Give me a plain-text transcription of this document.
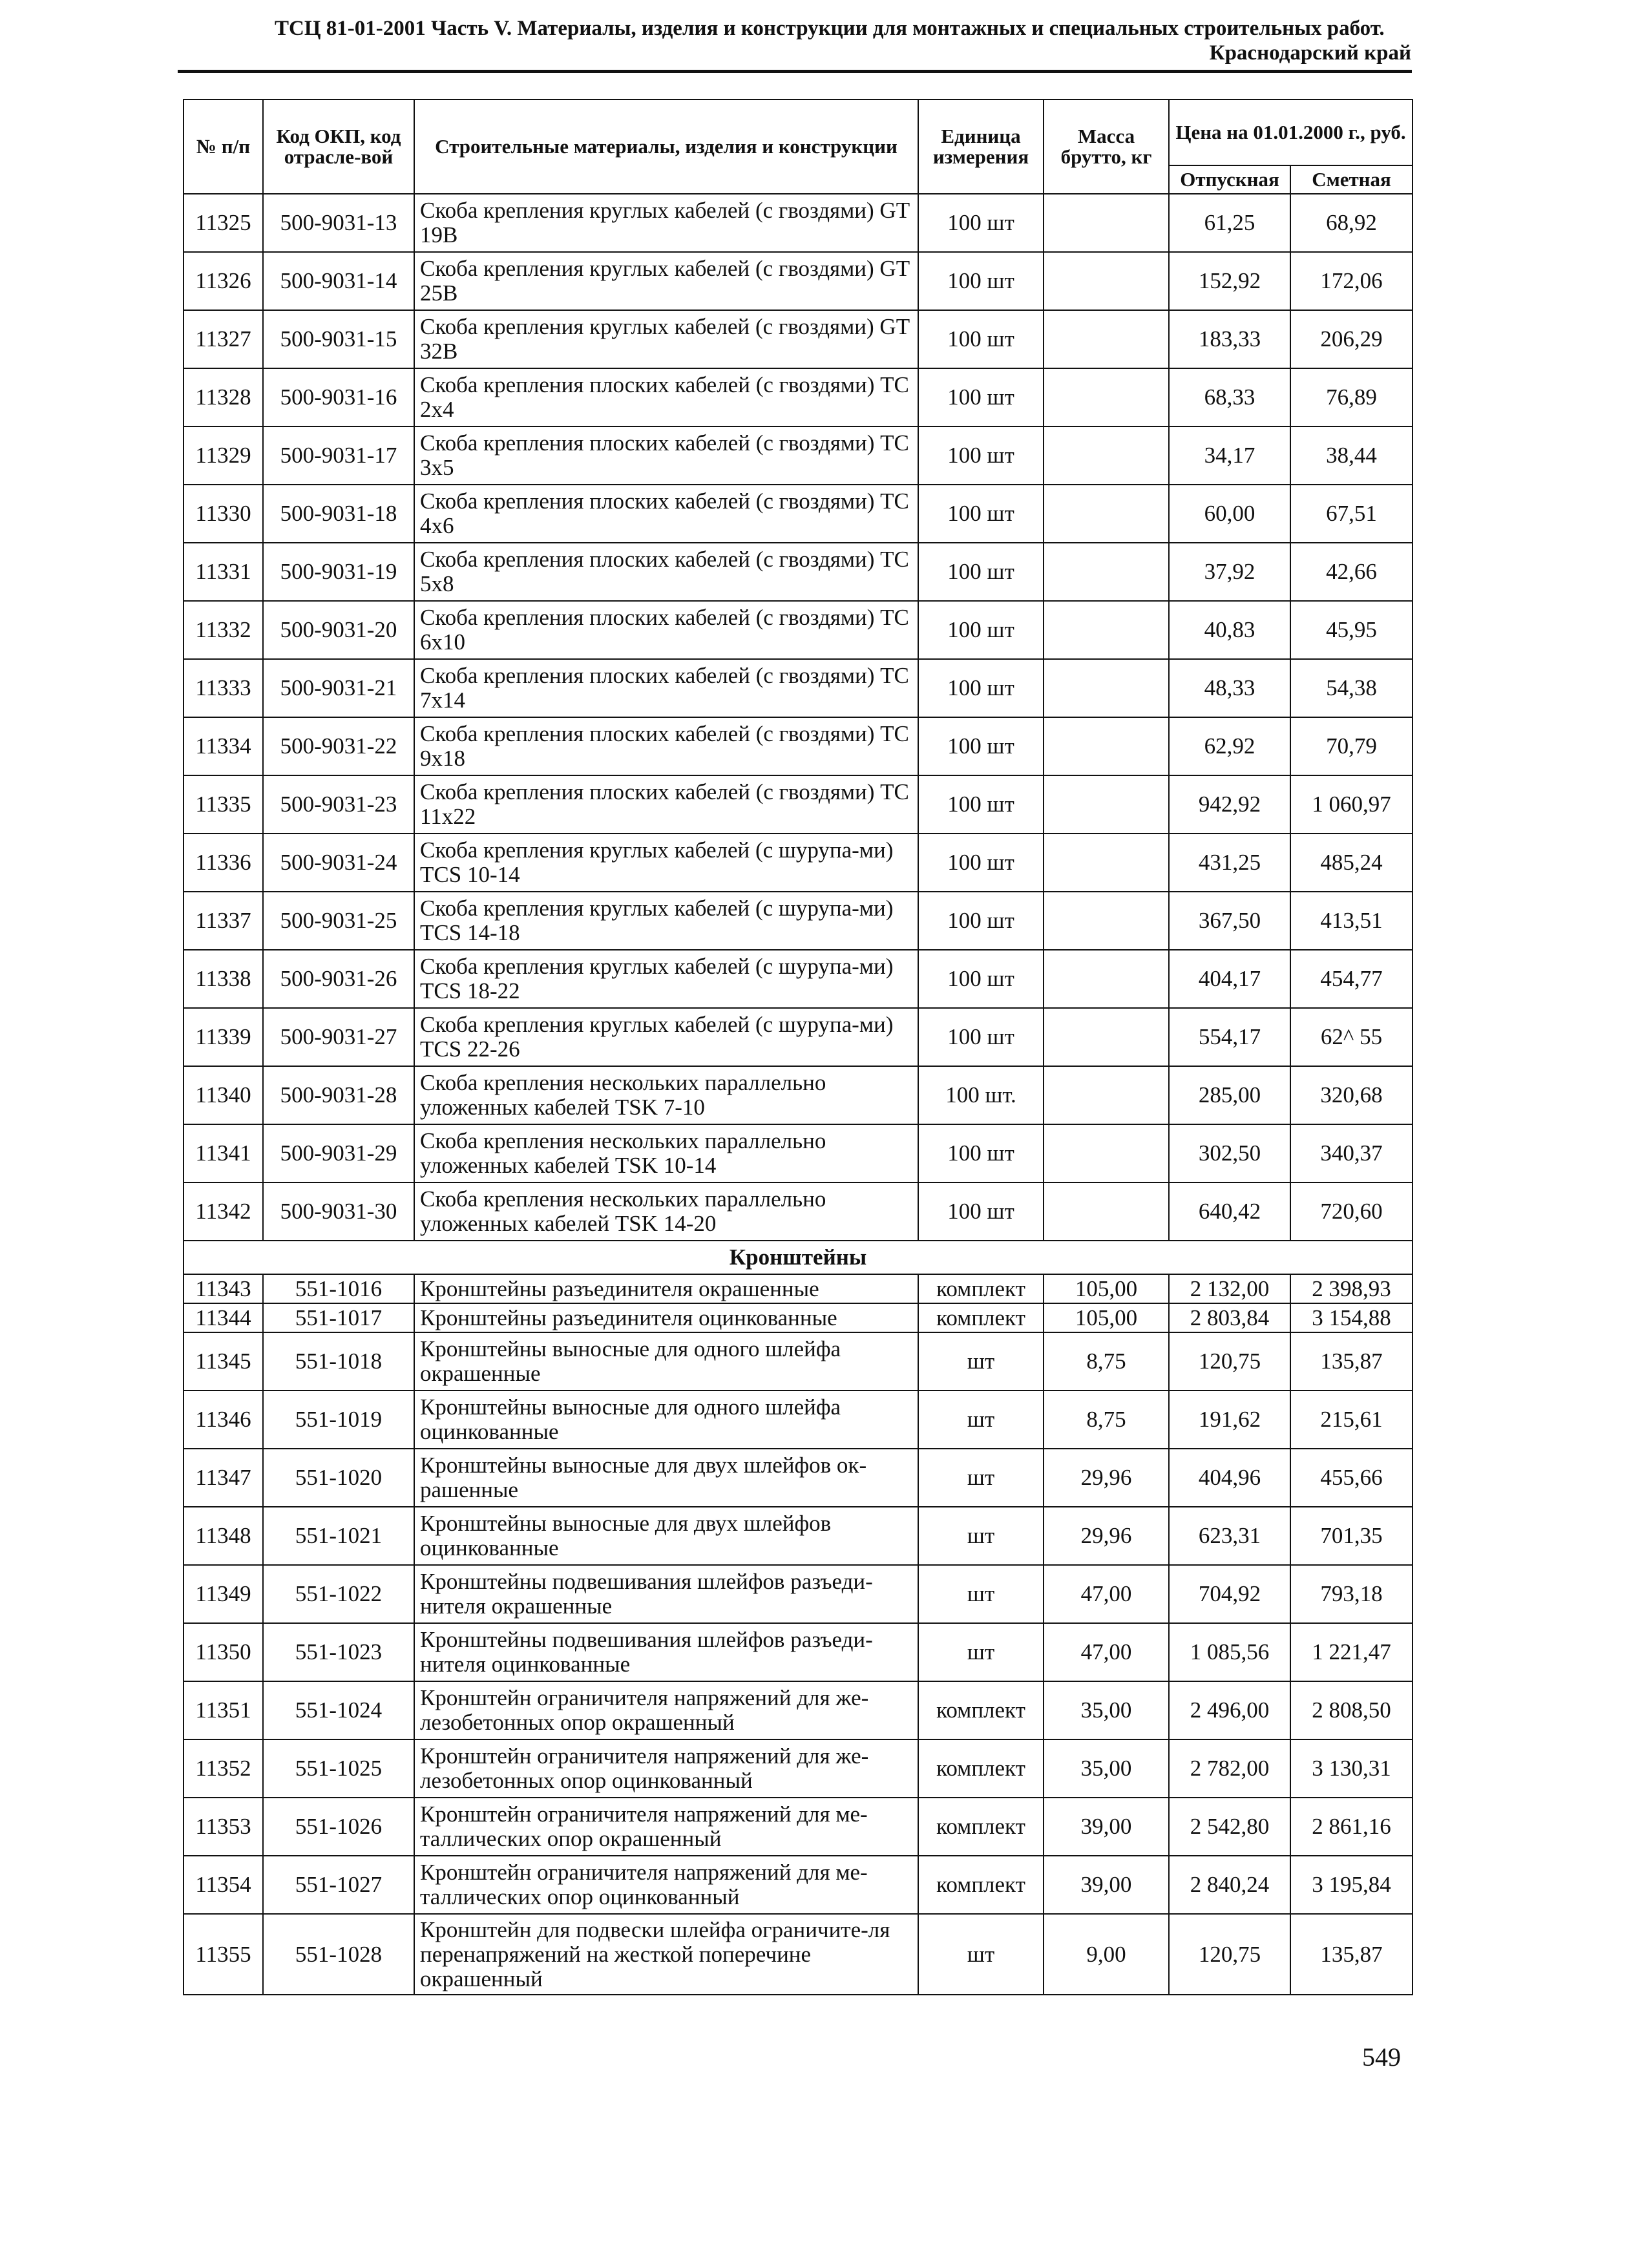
ТСЦ 81-01-2001 Часть V. Материалы, изделия и конструкции для монтажных и специальных строительных работ.
Краснодарский край
№ п/п	Код ОКП, код отрасле-вой	Строительные материалы, изделия и конструкции	Единица измерения	Масса брутто, кг	Цена на 01.01.2000 г., руб.	
					Отпускная	Сметная
11325	500-9031-13	Скоба крепления круглых кабелей (с гвоздями) GT 19B	100 шт		61,25	68,92
11326	500-9031-14	Скоба крепления круглых кабелей (с гвоздями) GT 25B	100 шт		152,92	172,06
11327	500-9031-15	Скоба крепления круглых кабелей (с гвоздями) GT 32B	100 шт		183,33	206,29
11328	500-9031-16	Скоба крепления плоских кабелей (с гвоздями) TC 2x4	100 шт		68,33	76,89
11329	500-9031-17	Скоба крепления плоских кабелей (с гвоздями) TC 3x5	100 шт		34,17	38,44
11330	500-9031-18	Скоба крепления плоских кабелей (с гвоздями) TC 4x6	100 шт		60,00	67,51
11331	500-9031-19	Скоба крепления плоских кабелей (с гвоздями) TC 5x8	100 шт		37,92	42,66
11332	500-9031-20	Скоба крепления плоских кабелей (с гвоздями) TC 6x10	100 шт		40,83	45,95
11333	500-9031-21	Скоба крепления плоских кабелей (с гвоздями) TC 7x14	100 шт		48,33	54,38
11334	500-9031-22	Скоба крепления плоских кабелей (с гвоздями) TC 9x18	100 шт		62,92	70,79
11335	500-9031-23	Скоба крепления плоских кабелей (с гвоздями) TC 11x22	100 шт		942,92	1 060,97
11336	500-9031-24	Скоба крепления круглых кабелей (с шурупа-ми) TCS 10-14	100 шт		431,25	485,24
11337	500-9031-25	Скоба крепления круглых кабелей (с шурупа-ми) TCS 14-18	100 шт		367,50	413,51
11338	500-9031-26	Скоба крепления круглых кабелей (с шурупа-ми) TCS 18-22	100 шт		404,17	454,77
11339	500-9031-27	Скоба крепления круглых кабелей (с шурупа-ми) TCS 22-26	100 шт		554,17	62^ 55
11340	500-9031-28	Скоба крепления нескольких параллельно уложенных кабелей TSK 7-10	100 шт.		285,00	320,68
11341	500-9031-29	Скоба крепления нескольких параллельно уложенных кабелей TSK 10-14	100 шт		302,50	340,37
11342	500-9031-30	Скоба крепления нескольких параллельно уложенных кабелей TSK 14-20	100 шт		640,42	720,60
Кронштейны						
11343	551-1016	Кронштейны разъединителя окрашенные	комплект	105,00	2 132,00	2 398,93
11344	551-1017	Кронштейны разъединителя оцинкованные	комплект	105,00	2 803,84	3 154,88
11345	551-1018	Кронштейны выносные для одного шлейфа окрашенные	шт	8,75	120,75	135,87
11346	551-1019	Кронштейны выносные для одного шлейфа оцинкованные	шт	8,75	191,62	215,61
11347	551-1020	Кронштейны выносные для двух шлейфов ок-рашенные	шт	29,96	404,96	455,66
11348	551-1021	Кронштейны выносные для двух шлейфов оцинкованные	шт	29,96	623,31	701,35
11349	551-1022	Кронштейны подвешивания шлейфов разъеди-нителя окрашенные	шт	47,00	704,92	793,18
11350	551-1023	Кронштейны подвешивания шлейфов разъеди-нителя оцинкованные	шт	47,00	1 085,56	1 221,47
11351	551-1024	Кронштейн ограничителя напряжений для же-лезобетонных опор окрашенный	комплект	35,00	2 496,00	2 808,50
11352	551-1025	Кронштейн ограничителя напряжений для же-лезобетонных опор оцинкованный	комплект	35,00	2 782,00	3 130,31
11353	551-1026	Кронштейн ограничителя напряжений для ме-таллических опор окрашенный	комплект	39,00	2 542,80	2 861,16
11354	551-1027	Кронштейн ограничителя напряжений для ме-таллических опор оцинкованный	комплект	39,00	2 840,24	3 195,84
11355	551-1028	Кронштейн для подвески шлейфа ограничите-ля перенапряжений на жесткой поперечине окрашенный	шт	9,00	120,75	135,87
549
